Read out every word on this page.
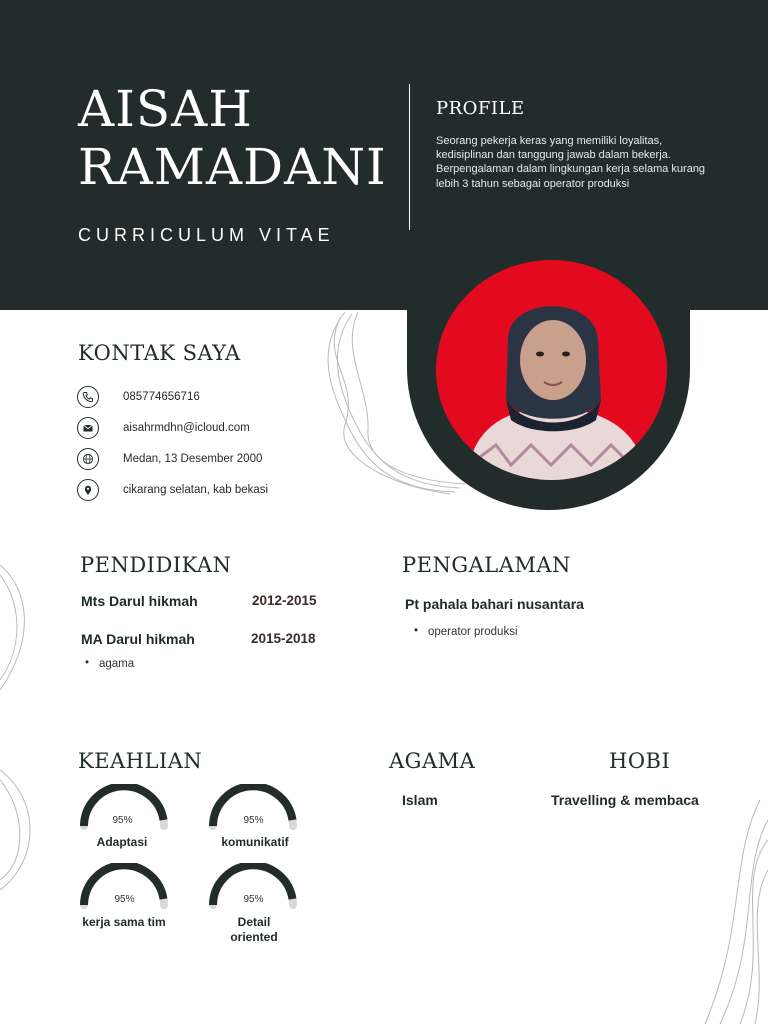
AISAH
RAMADANI
CURRICULUM VITAE
PROFILE
Seorang pekerja keras yang memiliki loyalitas, kedisiplinan dan tanggung jawab dalam bekerja. Berpengalaman dalam lingkungan kerja selama kurang lebih 3 tahun sebagai operator produksi
KONTAK SAYA
085774656716
aisahrmdhn@icloud.com
Medan, 13 Desember 2000
cikarang selatan, kab bekasi
PENDIDIKAN
Mts Darul hikmah	2012-2015
MA Darul hikmah	2015-2018
• agama
PENGALAMAN
Pt pahala bahari nusantara
• operator produksi
KEAHLIAN
95%
Adaptasi
95%
komunikatif
95%
kerja sama tim
95%
Detail oriented
AGAMA
Islam
HOBI
Travelling & membaca
